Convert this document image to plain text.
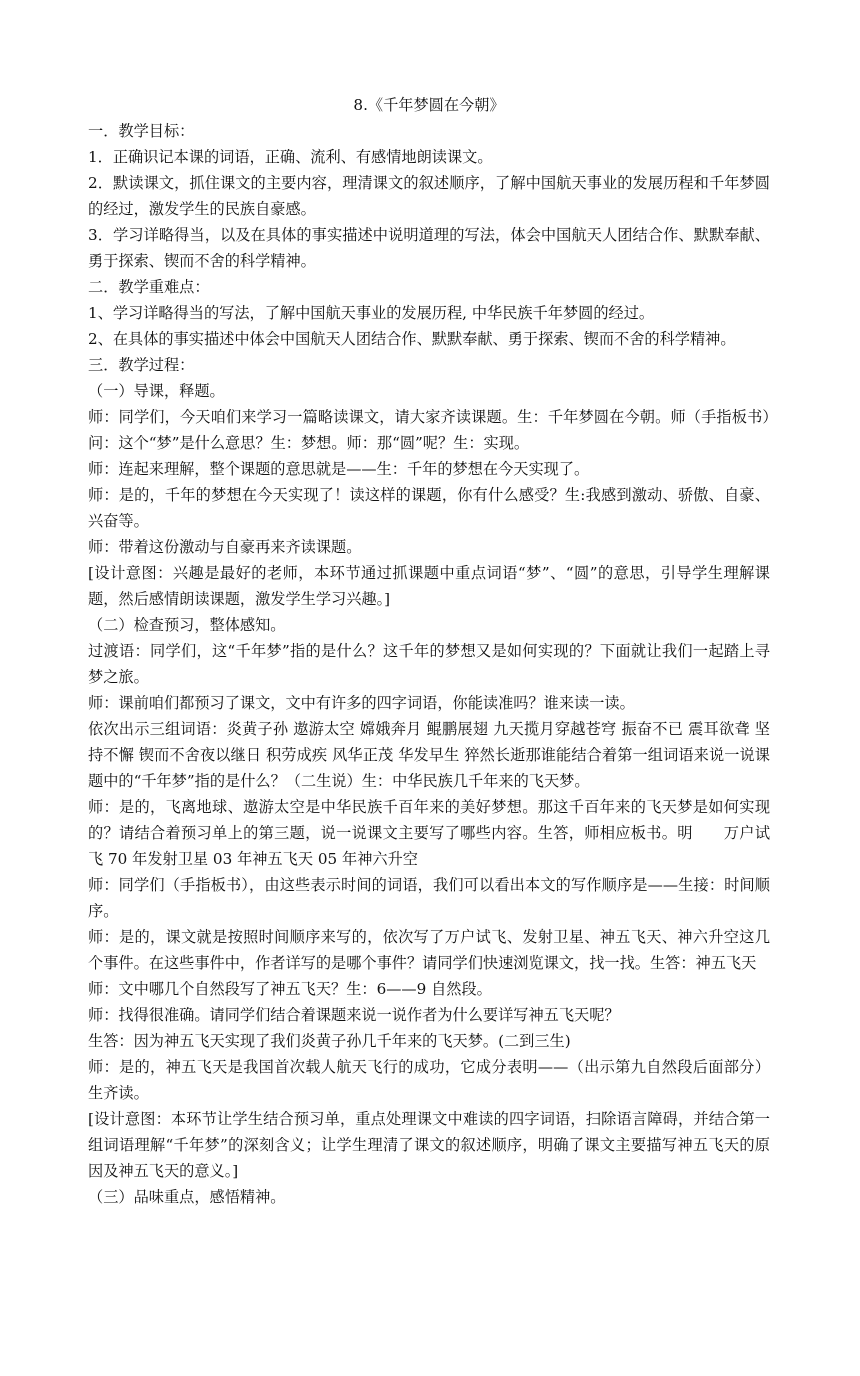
8.《千年梦圆在今朝》

一．教学目标：

1．正确识记本课的词语，正确、流利、有感情地朗读课文。

2．默读课文，抓住课文的主要内容，理清课文的叙述顺序，了解中国航天事业的发展历程和千年梦圆的经过，激发学生的民族自豪感。

3．学习详略得当，以及在具体的事实描述中说明道理的写法，体会中国航天人团结合作、默默奉献、勇于探索、锲而不舍的科学精神。

二．教学重难点：

1、学习详略得当的写法，了解中国航天事业的发展历程, 中华民族千年梦圆的经过。

2、在具体的事实描述中体会中国航天人团结合作、默默奉献、勇于探索、锲而不舍的科学精神。

三．教学过程：

（一）导课，释题。

师：同学们，今天咱们来学习一篇略读课文，请大家齐读课题。生：千年梦圆在今朝。师（手指板书）问：这个“梦”是什么意思？生：梦想。师：那“圆”呢？生：实现。

师：连起来理解，整个课题的意思就是——生：千年的梦想在今天实现了。

师：是的，千年的梦想在今天实现了！读这样的课题，你有什么感受？生:我感到激动、骄傲、自豪、兴奋等。

师：带着这份激动与自豪再来齐读课题。

[设计意图：兴趣是最好的老师，本环节通过抓课题中重点词语“梦”、“圆”的意思，引导学生理解课题，然后感情朗读课题，激发学生学习兴趣。]

（二）检查预习，整体感知。

过渡语：同学们，这“千年梦”指的是什么？这千年的梦想又是如何实现的？下面就让我们一起踏上寻梦之旅。

师：课前咱们都预习了课文，文中有许多的四字词语，你能读准吗？谁来读一读。

依次出示三组词语：炎黄子孙 遨游太空 嫦娥奔月 鲲鹏展翅 九天揽月穿越苍穹 振奋不已 震耳欲聋 坚持不懈 锲而不舍夜以继日 积劳成疾 风华正茂 华发早生 猝然长逝那谁能结合着第一组词语来说一说课题中的“千年梦”指的是什么？（二生说）生：中华民族几千年来的飞天梦。

师：是的，飞离地球、遨游太空是中华民族千百年来的美好梦想。那这千百年来的飞天梦是如何实现的？请结合着预习单上的第三题，说一说课文主要写了哪些内容。生答，师相应板书。明　　万户试飞 70 年发射卫星 03 年神五飞天 05 年神六升空

师：同学们（手指板书），由这些表示时间的词语，我们可以看出本文的写作顺序是——生接：时间顺序。

师：是的，课文就是按照时间顺序来写的，依次写了万户试飞、发射卫星、神五飞天、神六升空这几个事件。在这些事件中，作者详写的是哪个事件？请同学们快速浏览课文，找一找。生答：神五飞天

师：文中哪几个自然段写了神五飞天？生：6——9 自然段。

师：找得很准确。请同学们结合着课题来说一说作者为什么要详写神五飞天呢？

生答：因为神五飞天实现了我们炎黄子孙几千年来的飞天梦。(二到三生)

师：是的，神五飞天是我国首次载人航天飞行的成功，它成分表明——（出示第九自然段后面部分）生齐读。

[设计意图：本环节让学生结合预习单，重点处理课文中难读的四字词语，扫除语言障碍，并结合第一组词语理解“千年梦”的深刻含义；让学生理清了课文的叙述顺序，明确了课文主要描写神五飞天的原因及神五飞天的意义。]

（三）品味重点，感悟精神。
